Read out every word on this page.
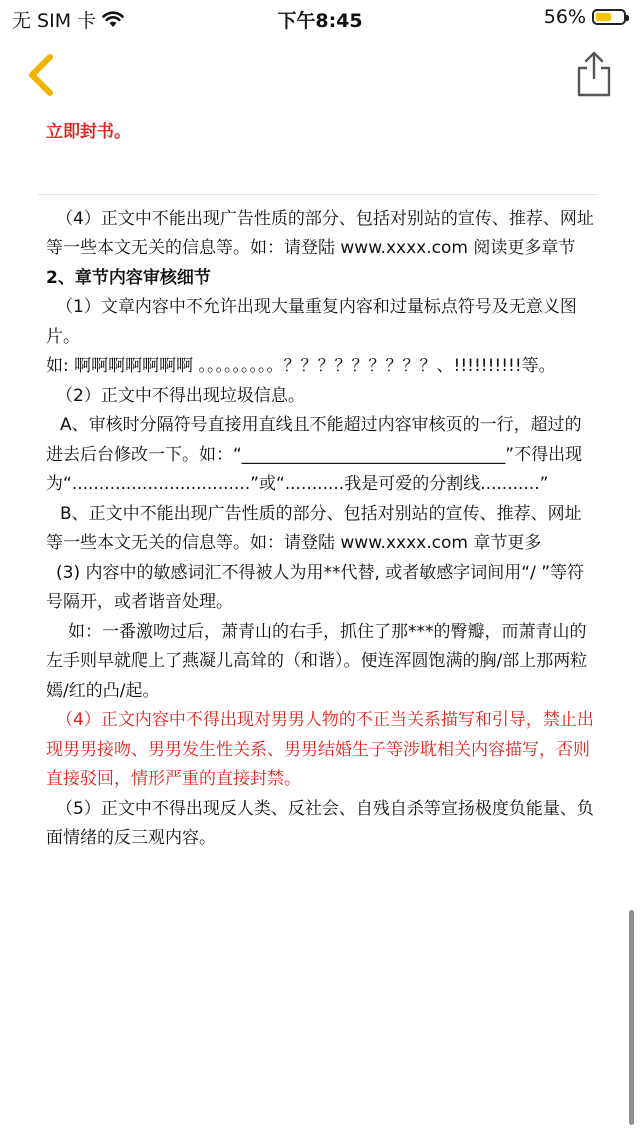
无 SIM 卡	下午8:45	56%

立即封书。

（4）正文中不能出现广告性质的部分、包括对别站的宣传、推荐、网址等一些本文无关的信息等。如：请登陆 www.xxxx.com 阅读更多章节

2、章节内容审核细节

（1）文章内容中不允许出现大量重复内容和过量标点符号及无意义图片。

如: 啊啊啊啊啊啊啊 。。。。。。。。。？？？？？？？？？、!!!!!!!!!!等。

（2）正文中不得出现垃圾信息。

A、审核时分隔符号直接用直线且不能超过内容审核页的一行，超过的进去后台修改一下。如：“_______________________________”不得出现为“.................................”或“...........我是可爱的分割线...........”

B、正文中不能出现广告性质的部分、包括对别站的宣传、推荐、网址等一些本文无关的信息等。如：请登陆 www.xxxx.com 章节更多

(3) 内容中的敏感词汇不得被人为用**代替, 或者敏感字词间用“/ ”等符号隔开，或者谐音处理。

如：一番激吻过后，萧青山的右手，抓住了那***的臀瓣，而萧青山的左手则早就爬上了燕凝儿高耸的（和谐）。便连浑圆饱满的胸/部上那两粒嫣/红的凸/起。

（4）正文内容中不得出现对男男人物的不正当关系描写和引导，禁止出现男男接吻、男男发生性关系、男男结婚生子等涉耽相关内容描写，否则直接驳回，情形严重的直接封禁。

（5）正文中不得出现反人类、反社会、自残自杀等宣扬极度负能量、负面情绪的反三观内容。
